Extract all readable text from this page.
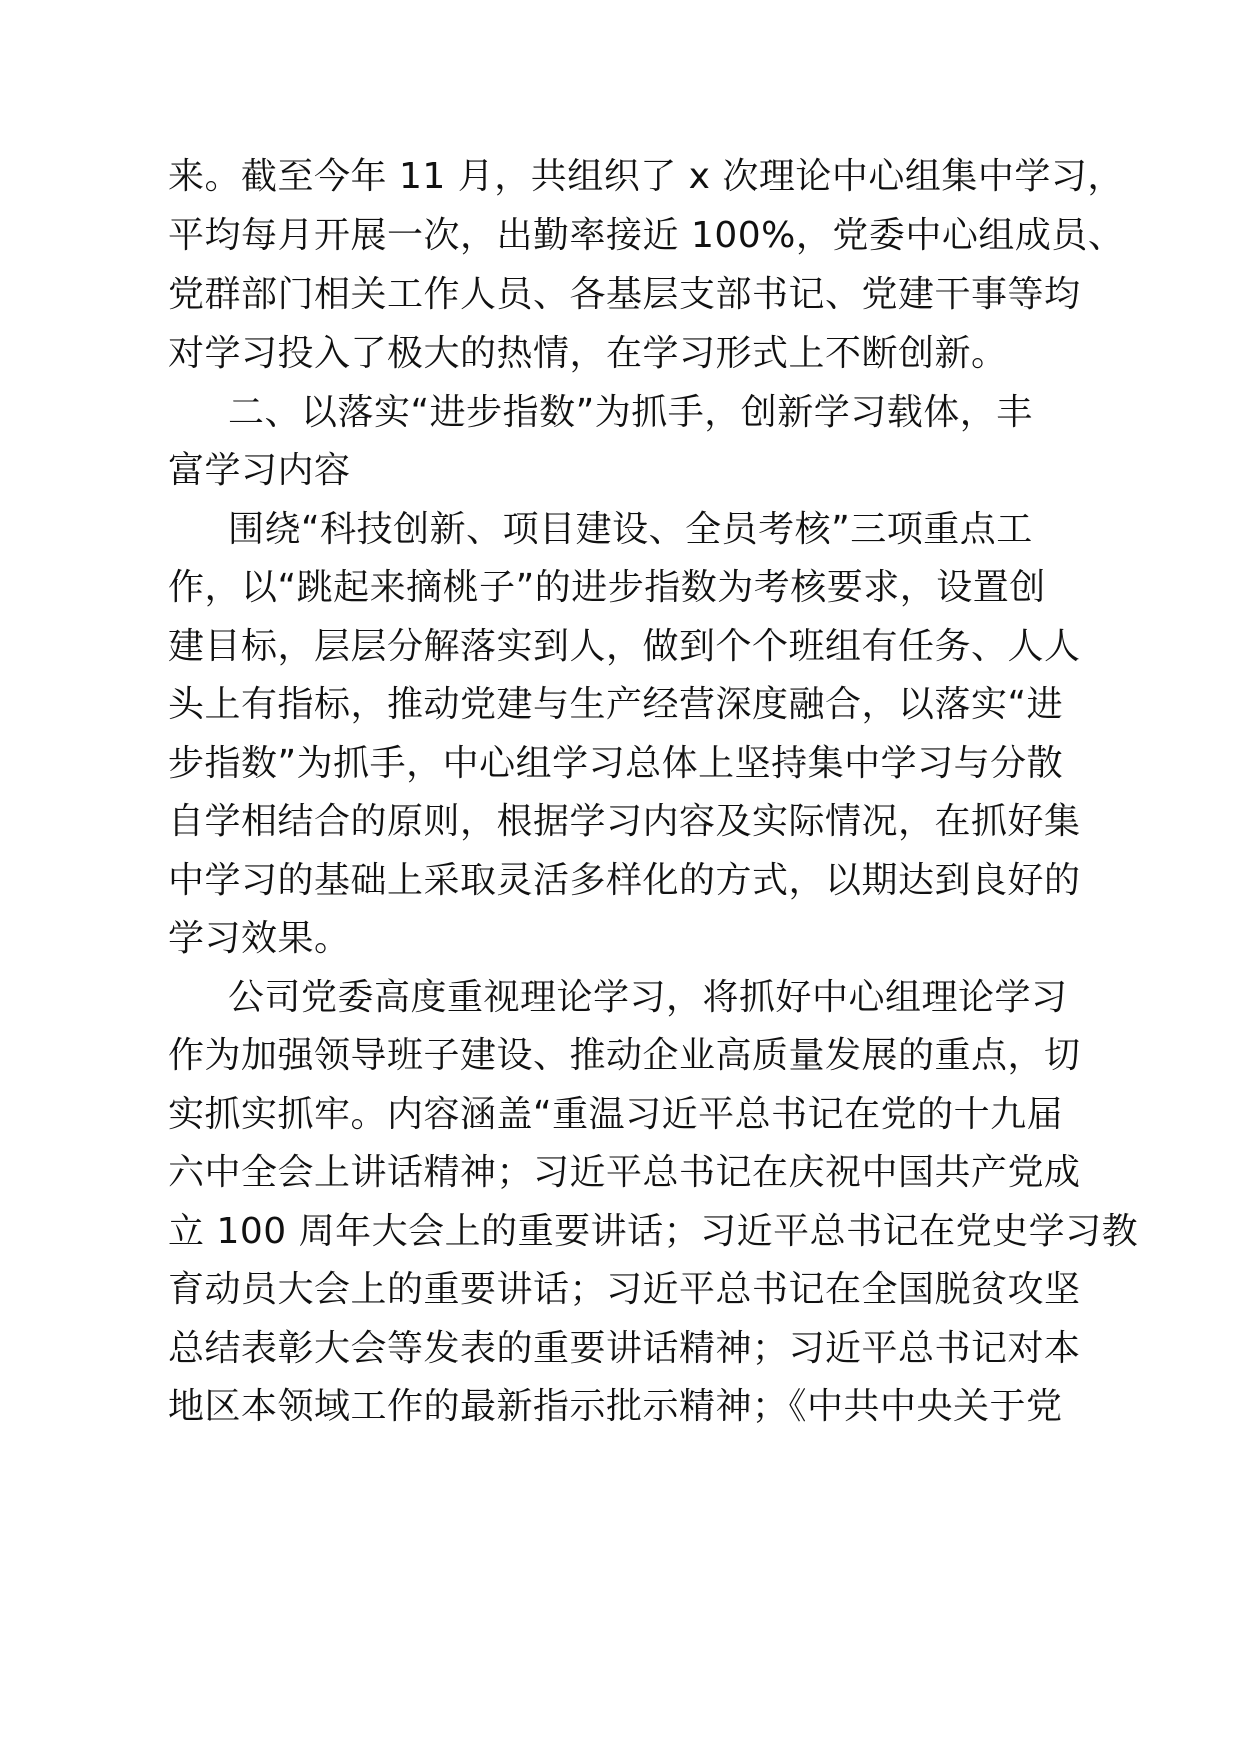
来。截至今年 11 月，共组织了 x 次理论中心组集中学习，
平均每月开展一次，出勤率接近 100%，党委中心组成员、
党群部门相关工作人员、各基层支部书记、党建干事等均
对学习投入了极大的热情，在学习形式上不断创新。
二、以落实“进步指数”为抓手，创新学习载体，丰
富学习内容
围绕“科技创新、项目建设、全员考核”三项重点工
作，以“跳起来摘桃子”的进步指数为考核要求，设置创
建目标，层层分解落实到人，做到个个班组有任务、人人
头上有指标，推动党建与生产经营深度融合，以落实“进
步指数”为抓手，中心组学习总体上坚持集中学习与分散
自学相结合的原则，根据学习内容及实际情况，在抓好集
中学习的基础上采取灵活多样化的方式，以期达到良好的
学习效果。
公司党委高度重视理论学习，将抓好中心组理论学习
作为加强领导班子建设、推动企业高质量发展的重点，切
实抓实抓牢。内容涵盖“重温习近平总书记在党的十九届
六中全会上讲话精神；习近平总书记在庆祝中国共产党成
立 100 周年大会上的重要讲话；习近平总书记在党史学习教
育动员大会上的重要讲话；习近平总书记在全国脱贫攻坚
总结表彰大会等发表的重要讲话精神；习近平总书记对本
地区本领域工作的最新指示批示精神；《中共中央关于党
